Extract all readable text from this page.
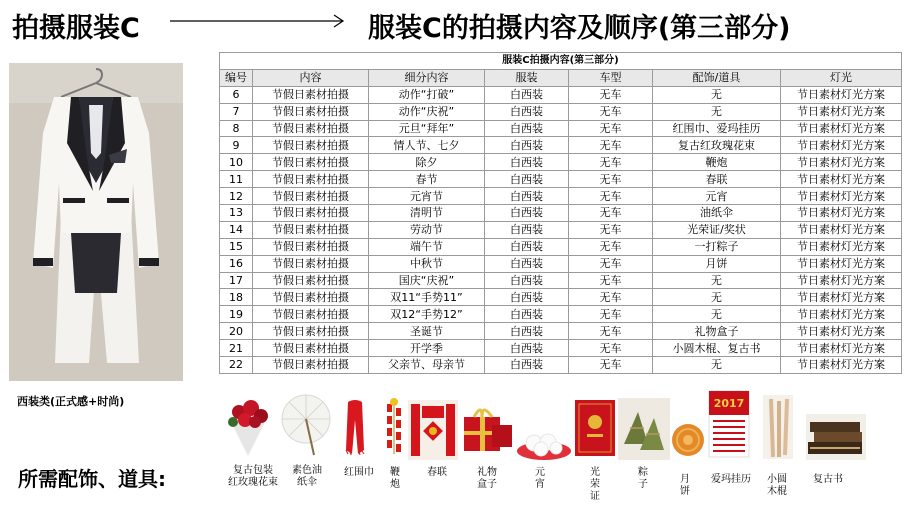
拍摄服装C	服装C的拍摄内容及顺序(第三部分)
西装类(正式感+时尚)
服装C拍摄内容(第三部分)						
编号	内容	细分内容	服装	车型	配饰/道具	灯光
6	节假日素材拍摄	动作“打破”	白西装	无车	无	节日素材灯光方案
7	节假日素材拍摄	动作“庆祝”	白西装	无车	无	节日素材灯光方案
8	节假日素材拍摄	元旦“拜年”	白西装	无车	红围巾、爱玛挂历	节日素材灯光方案
9	节假日素材拍摄	情人节、七夕	白西装	无车	复古红玫瑰花束	节日素材灯光方案
10	节假日素材拍摄	除夕	白西装	无车	鞭炮	节日素材灯光方案
11	节假日素材拍摄	春节	白西装	无车	春联	节日素材灯光方案
12	节假日素材拍摄	元宵节	白西装	无车	元宵	节日素材灯光方案
13	节假日素材拍摄	清明节	白西装	无车	油纸伞	节日素材灯光方案
14	节假日素材拍摄	劳动节	白西装	无车	光荣证/奖状	节日素材灯光方案
15	节假日素材拍摄	端午节	白西装	无车	一打粽子	节日素材灯光方案
16	节假日素材拍摄	中秋节	白西装	无车	月饼	节日素材灯光方案
17	节假日素材拍摄	国庆“庆祝”	白西装	无车	无	节日素材灯光方案
18	节假日素材拍摄	双11“手势11”	白西装	无车	无	节日素材灯光方案
19	节假日素材拍摄	双12“手势12”	白西装	无车	无	节日素材灯光方案
20	节假日素材拍摄	圣诞节	白西装	无车	礼物盒子	节日素材灯光方案
21	节假日素材拍摄	开学季	白西装	无车	小圆木棍、复古书	节日素材灯光方案
22	节假日素材拍摄	父亲节、母亲节	白西装	无车	无	节日素材灯光方案
所需配饰、道具:
2017
复古包装
红玫瑰花束
素色油
纸伞
红围巾	鞭
炮
春联	礼物
盒子
元
宵
光
荣
证
粽
子	月
饼
爱玛挂历	小圆
木棍
复古书
